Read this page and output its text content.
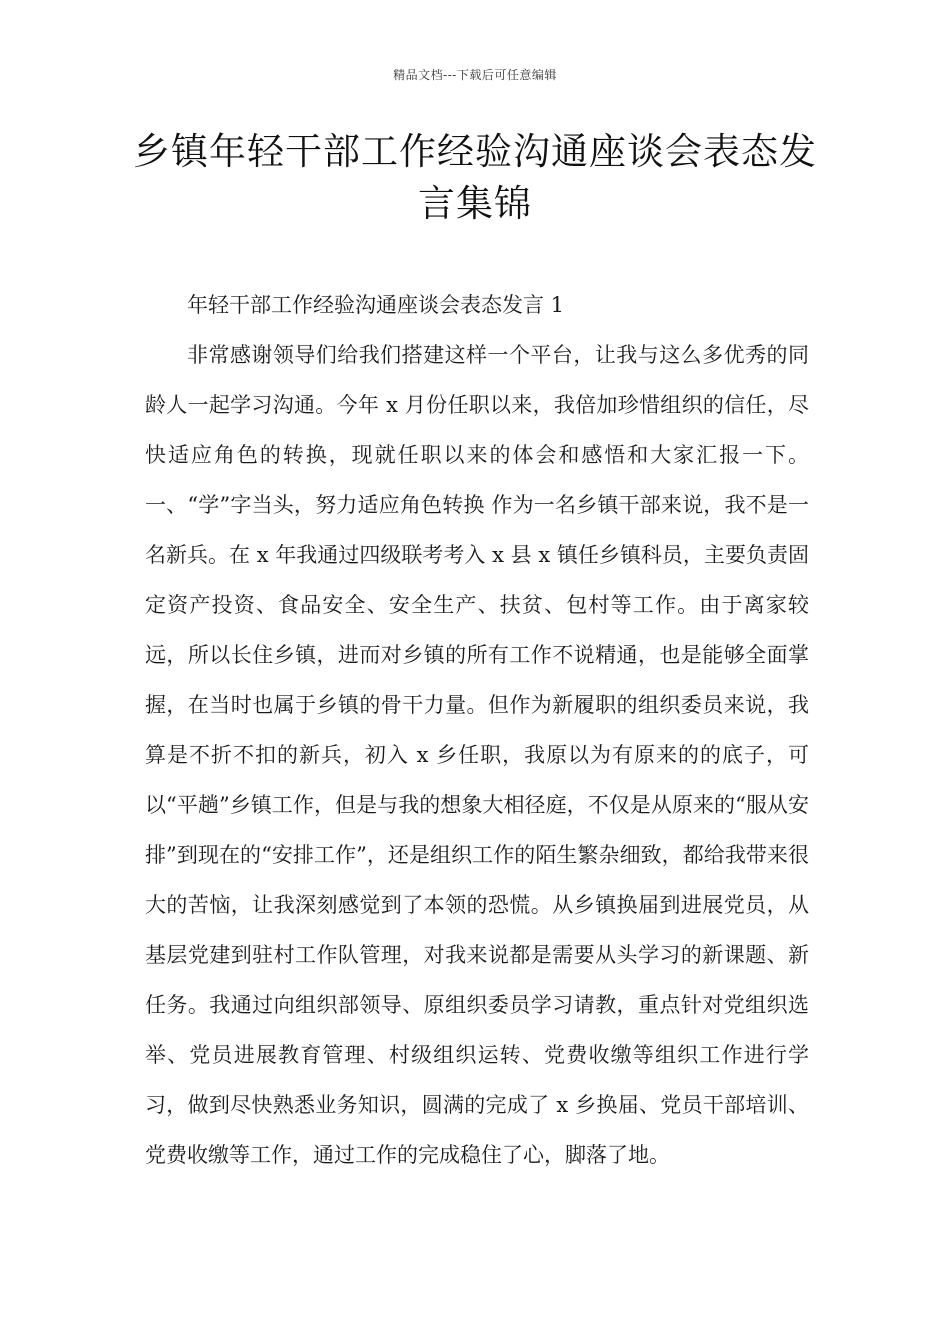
精品文档---下载后可任意编辑
乡镇年轻干部工作经验沟通座谈会表态发言集锦

年轻干部工作经验沟通座谈会表态发言 1

非常感谢领导们给我们搭建这样一个平台，让我与这么多优秀的同龄人一起学习沟通。今年 x 月份任职以来，我倍加珍惜组织的信任，尽快适应角色的转换，现就任职以来的体会和感悟和大家汇报一下。一、“学”字当头，努力适应角色转换 作为一名乡镇干部来说，我不是一名新兵。在 x 年我通过四级联考考入 x 县 x 镇任乡镇科员，主要负责固定资产投资、食品安全、安全生产、扶贫、包村等工作。由于离家较远，所以长住乡镇，进而对乡镇的所有工作不说精通，也是能够全面掌握，在当时也属于乡镇的骨干力量。但作为新履职的组织委员来说，我算是不折不扣的新兵，初入 x 乡任职，我原以为有原来的的底子，可以“平趟”乡镇工作，但是与我的想象大相径庭，不仅是从原来的“服从安排”到现在的“安排工作”，还是组织工作的陌生繁杂细致，都给我带来很大的苦恼，让我深刻感觉到了本领的恐慌。从乡镇换届到进展党员，从基层党建到驻村工作队管理，对我来说都是需要从头学习的新课题、新任务。我通过向组织部领导、原组织委员学习请教，重点针对党组织选举、党员进展教育管理、村级组织运转、党费收缴等组织工作进行学习，做到尽快熟悉业务知识，圆满的完成了 x 乡换届、党员干部培训、党费收缴等工作，通过工作的完成稳住了心，脚落了地。
